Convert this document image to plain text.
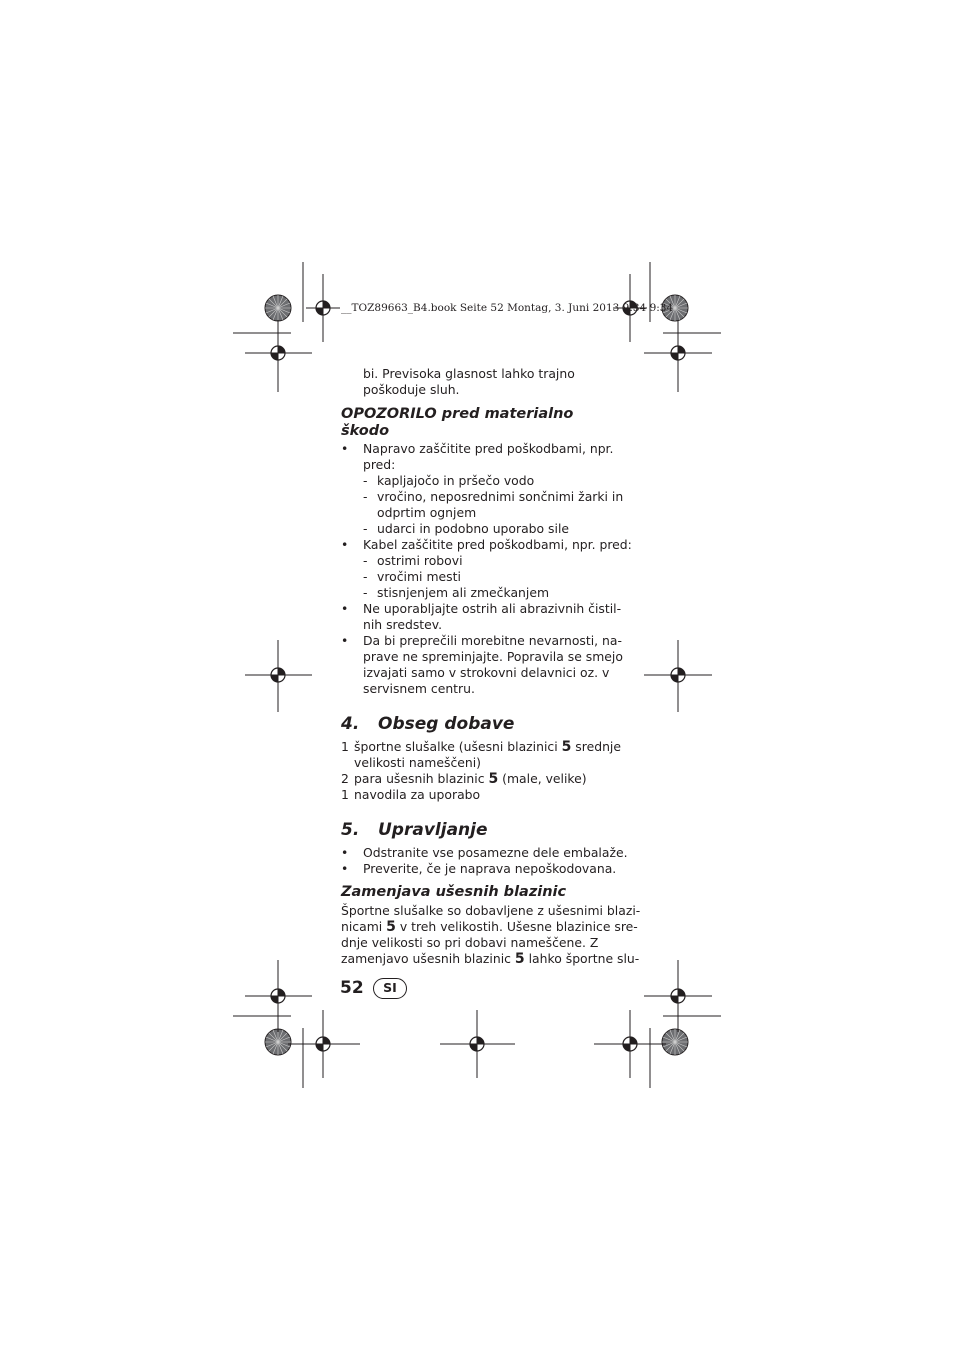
__TOZ89663_B4.book Seite 52 Montag, 3. Juni 2013 9:34 9:34
bi. Previsoka glasnost lahko trajno
poškoduje sluh.
OPOZORILO pred materialno
škodo
• Napravo zaščitite pred poškodbami, npr.
pred:
- kapljajočo in pršečo vodo
- vročino, neposrednimi sončnimi žarki in
odprtim ognjem
- udarci in podobno uporabo sile
• Kabel zaščitite pred poškodbami, npr. pred:
- ostrimi robovi
- vročimi mesti
- stisnjenjem ali zmečkanjem
• Ne uporabljajte ostrih ali abrazivnih čistil-
nih sredstev.
• Da bi preprečili morebitne nevarnosti, na-
prave ne spreminjajte. Popravila se smejo
izvajati samo v strokovni delavnici oz. v
servisnem centru.
4. Obseg dobave
1 športne slušalke (ušesni blazinici 5 srednje
velikosti nameščeni)
2 para ušesnih blazinic 5 (male, velike)
1 navodila za uporabo
5. Upravljanje
• Odstranite vse posamezne dele embalaže.
• Preverite, če je naprava nepoškodovana.
Zamenjava ušesnih blazinic
Športne slušalke so dobavljene z ušesnimi blazi-
nicami 5 v treh velikostih. Ušesne blazinice sre-
dnje velikosti so pri dobavi nameščene. Z
zamenjavo ušesnih blazinic 5 lahko športne slu-
52	SI
